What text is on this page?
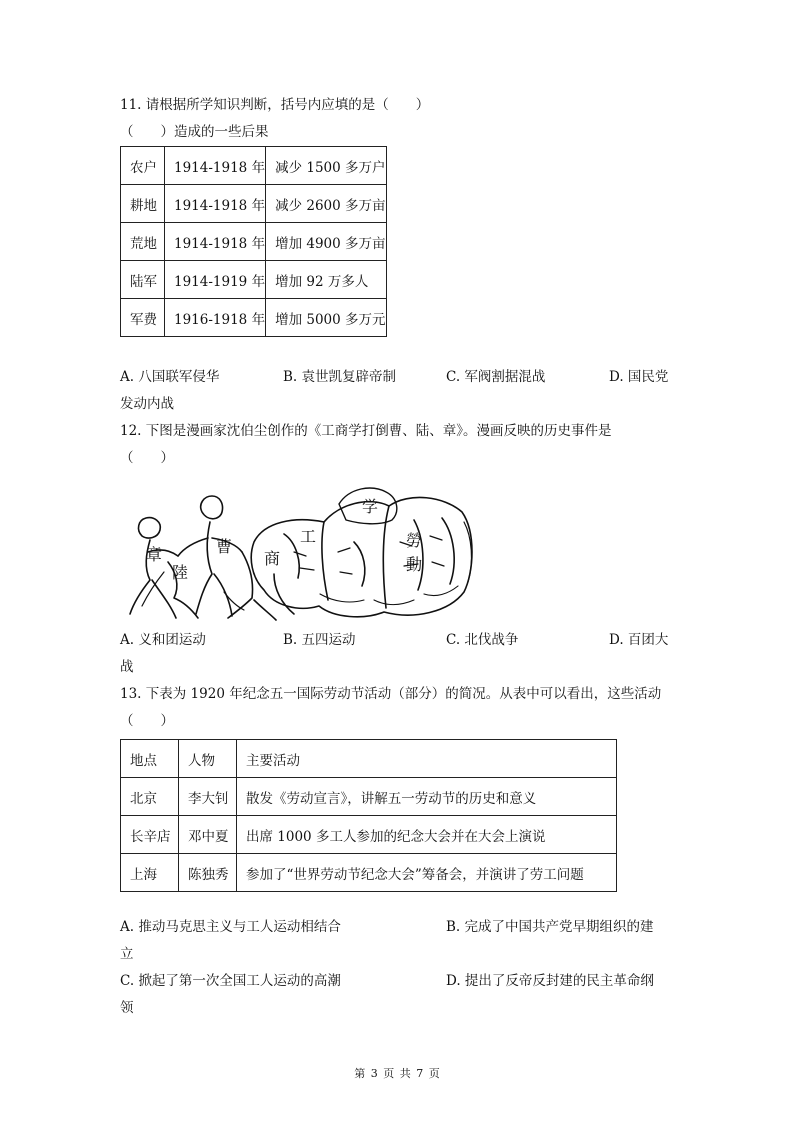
11. 请根据所学知识判断，括号内应填的是（　　）
（　　）造成的一些后果
农户	1914-1918 年	减少 1500 多万户
耕地	1914-1918 年	减少 2600 多万亩
荒地	1914-1918 年	增加 4900 多万亩
陆军	1914-1919 年	增加 92 万多人
军费	1916-1918 年	增加 5000 多万元
A. 八国联军侵华	B. 袁世凯复辟帝制	C. 军阀割据混战	D. 国民党
发动内战
12. 下图是漫画家沈伯尘创作的《工商学打倒曹、陆、章》。漫画反映的历史事件是
（　　）
章
陸
曹
商
工
学
勞
動
A. 义和团运动	B. 五四运动	C. 北伐战争	D. 百团大
战
13. 下表为 1920 年纪念五一国际劳动节活动（部分）的简况。从表中可以看出，这些活动
（　　）
地点	人物	主要活动
北京	李大钊	散发《劳动宣言》，讲解五一劳动节的历史和意义
长辛店	邓中夏	出席 1000 多工人参加的纪念大会并在大会上演说
上海	陈独秀	参加了“世界劳动节纪念大会”筹备会，并演讲了劳工问题
A. 推动马克思主义与工人运动相结合	B. 完成了中国共产党早期组织的建
立
C. 掀起了第一次全国工人运动的高潮	D. 提出了反帝反封建的民主革命纲
领
第 3 页 共 7 页
